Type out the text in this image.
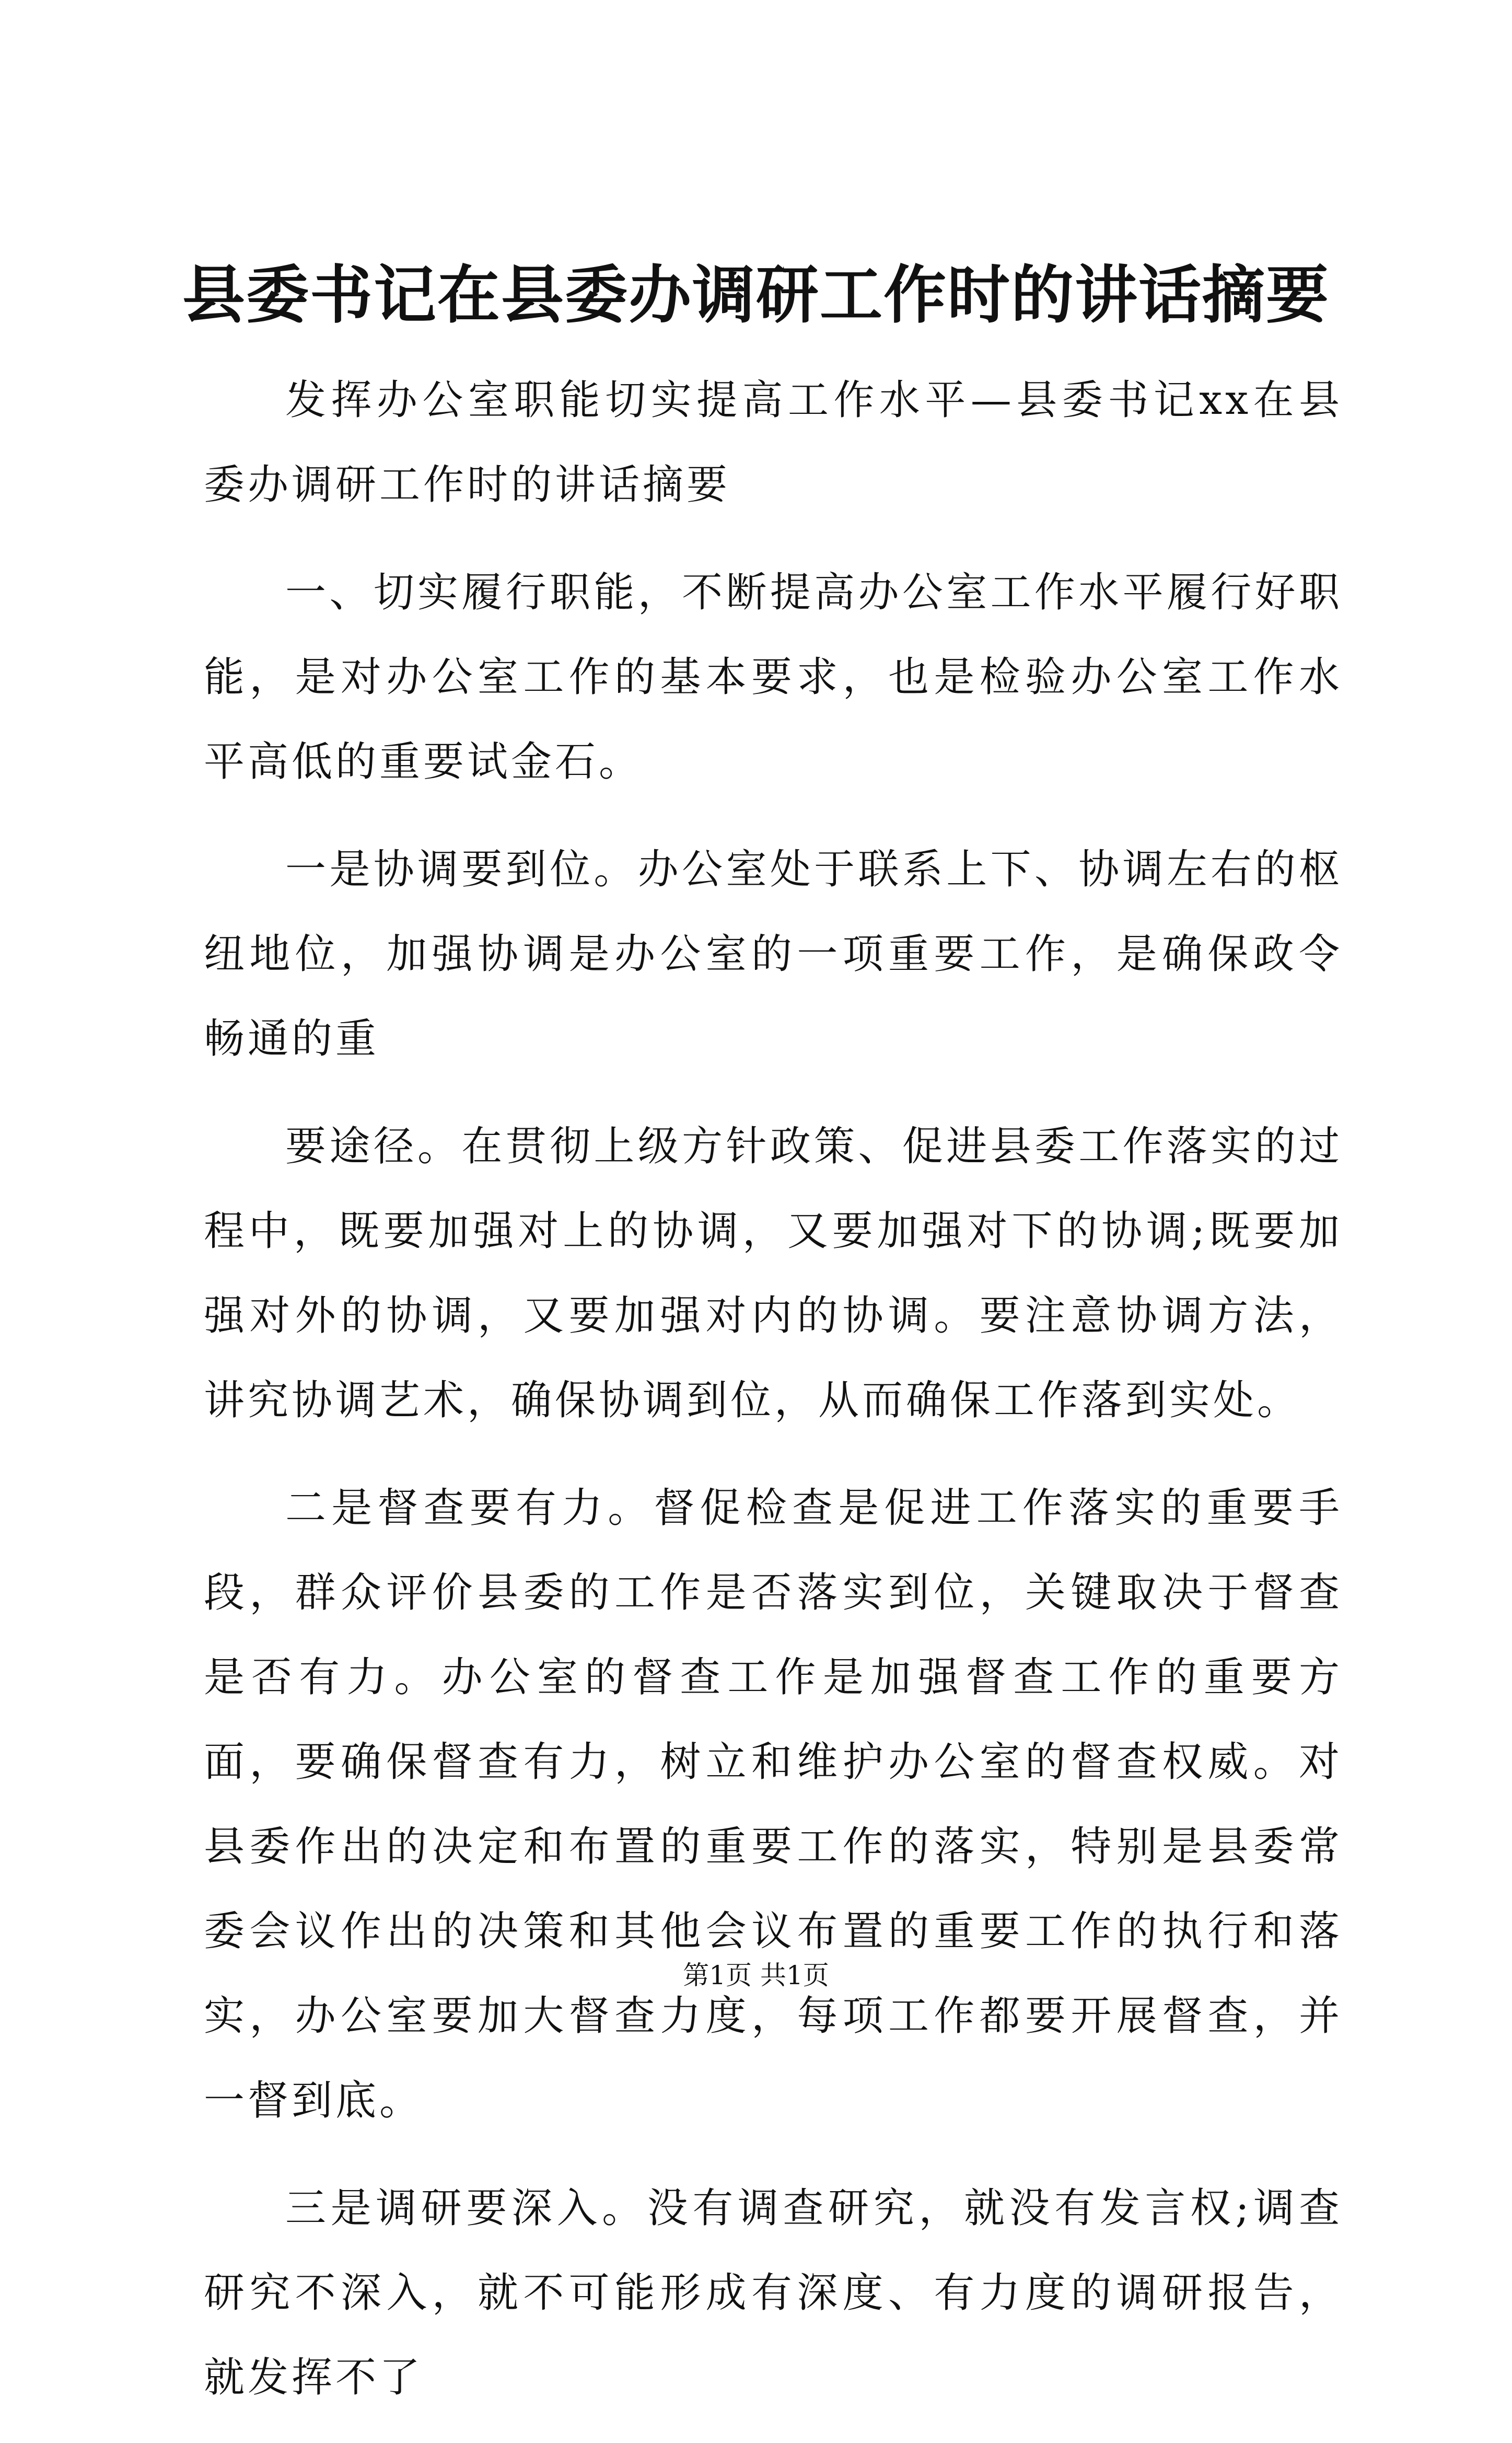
县委书记在县委办调研工作时的讲话摘要

发挥办公室职能切实提高工作水平—县委书记xx在县委办调研工作时的讲话摘要

一、切实履行职能，不断提高办公室工作水平履行好职能，是对办公室工作的基本要求，也是检验办公室工作水平高低的重要试金石。

一是协调要到位。办公室处于联系上下、协调左右的枢纽地位，加强协调是办公室的一项重要工作，是确保政令畅通的重

要途径。在贯彻上级方针政策、促进县委工作落实的过程中，既要加强对上的协调，又要加强对下的协调;既要加强对外的协调，又要加强对内的协调。要注意协调方法，讲究协调艺术，确保协调到位，从而确保工作落到实处。

二是督查要有力。督促检查是促进工作落实的重要手段，群众评价县委的工作是否落实到位，关键取决于督查是否有力。办公室的督查工作是加强督查工作的重要方面，要确保督查有力，树立和维护办公室的督查权威。对县委作出的决定和布置的重要工作的落实，特别是县委常委会议作出的决策和其他会议布置的重要工作的执行和落实，办公室要加大督查力度，每项工作都要开展督查，并一督到底。

三是调研要深入。没有调查研究，就没有发言权;调查研究不深入，就不可能形成有深度、有力度的调研报告，就发挥不了

第1页 共1页
